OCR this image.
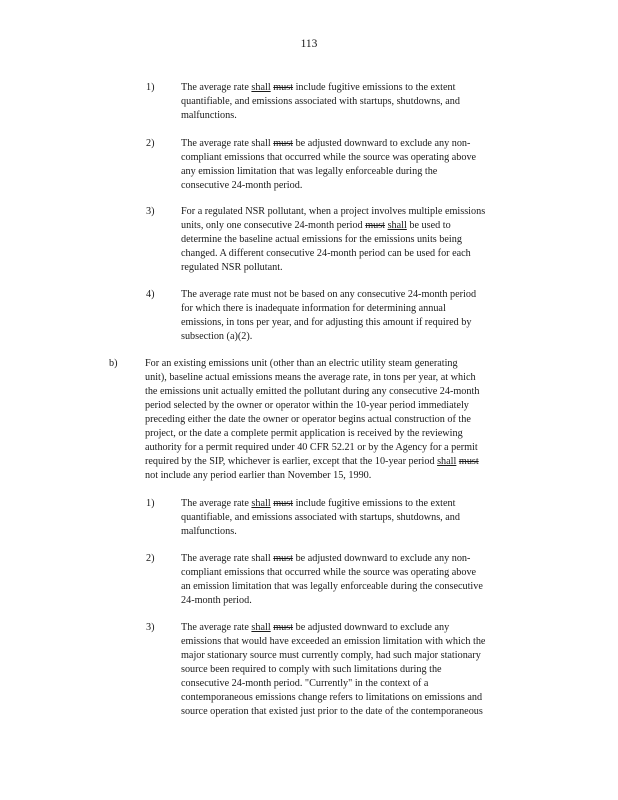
113
1)	The average rate shall must include fugitive emissions to the extent
quantifiable, and emissions associated with startups, shutdowns, and
malfunctions.
2)	The average rate shall must be adjusted downward to exclude any non-
compliant emissions that occurred while the source was operating above
any emission limitation that was legally enforceable during the
consecutive 24-month period.
3)	For a regulated NSR pollutant, when a project involves multiple emissions
units, only one consecutive 24-month period must shall be used to
determine the baseline actual emissions for the emissions units being
changed. A different consecutive 24-month period can be used for each
regulated NSR pollutant.
4)	The average rate must not be based on any consecutive 24-month period
for which there is inadequate information for determining annual
emissions, in tons per year, and for adjusting this amount if required by
subsection (a)(2).
b)	For an existing emissions unit (other than an electric utility steam generating
unit), baseline actual emissions means the average rate, in tons per year, at which
the emissions unit actually emitted the pollutant during any consecutive 24-month
period selected by the owner or operator within the 10-year period immediately
preceding either the date the owner or operator begins actual construction of the
project, or the date a complete permit application is received by the reviewing
authority for a permit required under 40 CFR 52.21 or by the Agency for a permit
required by the SIP, whichever is earlier, except that the 10-year period shall must
not include any period earlier than November 15, 1990.
1)	The average rate shall must include fugitive emissions to the extent
quantifiable, and emissions associated with startups, shutdowns, and
malfunctions.
2)	The average rate shall must be adjusted downward to exclude any non-
compliant emissions that occurred while the source was operating above
an emission limitation that was legally enforceable during the consecutive
24-month period.
3)	The average rate shall must be adjusted downward to exclude any
emissions that would have exceeded an emission limitation with which the
major stationary source must currently comply, had such major stationary
source been required to comply with such limitations during the
consecutive 24-month period. "Currently" in the context of a
contemporaneous emissions change refers to limitations on emissions and
source operation that existed just prior to the date of the contemporaneous
